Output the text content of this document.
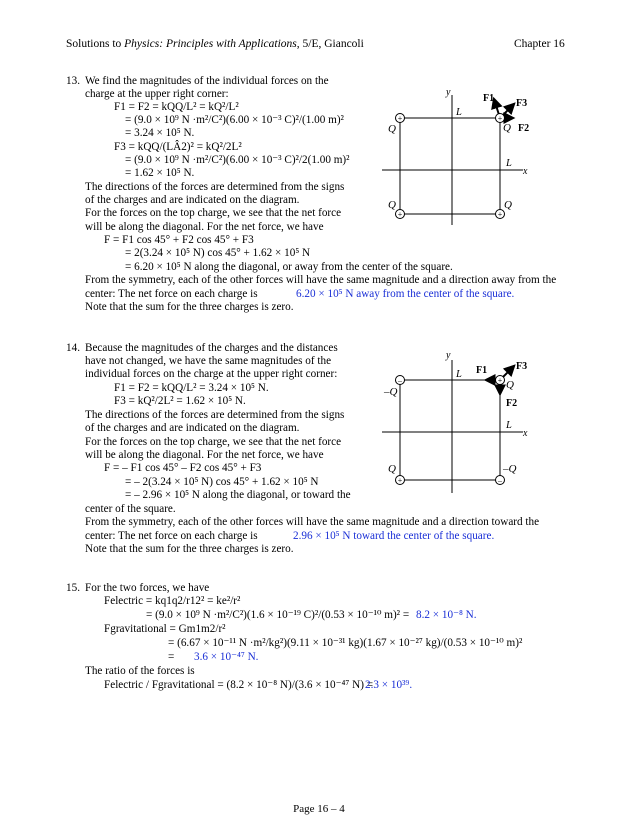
Solutions to Physics: Principles with Applications, 5/E, Giancoli	Chapter 16
13. We find the magnitudes of the individual forces on the
charge at the upper right corner:
F1 = F2 = kQQ/L² = kQ²/L²
= (9.0 × 10⁹ N ·m²/C²)(6.00 × 10⁻³ C)²/(1.00 m)²
= 3.24 × 10⁵ N.
F3 = kQQ/(LÂ2)² = kQ²/2L²
= (9.0 × 10⁹ N ·m²/C²)(6.00 × 10⁻³ C)²/2(1.00 m)²
= 1.62 × 10⁵ N.
The directions of the forces are determined from the signs
of the charges and are indicated on the diagram.
For the forces on the top charge, we see that the net force
will be along the diagonal. For the net force, we have
F = F1 cos 45° + F2 cos 45° + F3
= 2(3.24 × 10⁵ N) cos 45° + 1.62 × 10⁵ N
= 6.20 × 10⁵ N along the diagonal, or away from the center of the square.
From the symmetry, each of the other forces will have the same magnitude and a direction away from the
center: The net force on each charge is	6.20 × 10⁵ N away from the center of the square.
Note that the sum for the three charges is zero.
y
x
L
L
F1
F2
F3
Q	Q
Q	Q
+	+
+	+
14. Because the magnitudes of the charges and the distances
have not changed, we have the same magnitudes of the
individual forces on the charge at the upper right corner:
F1 = F2 = kQQ/L² = 3.24 × 10⁵ N.
F3 = kQ²/2L² = 1.62 × 10⁵ N.
The directions of the forces are determined from the signs
of the charges and are indicated on the diagram.
For the forces on the top charge, we see that the net force
will be along the diagonal. For the net force, we have
F = – F1 cos 45° – F2 cos 45° + F3
= – 2(3.24 × 10⁵ N) cos 45° + 1.62 × 10⁵ N
= – 2.96 × 10⁵ N along the diagonal, or toward the
center of the square.
From the symmetry, each of the other forces will have the same magnitude and a direction toward the
center: The net force on each charge is	2.96 × 10⁵ N toward the center of the square.
Note that the sum for the three charges is zero.
y
x
L
L
F1
F2
F3
–Q
Q
Q	–Q
–	+
+	–
15. For the two forces, we have
Felectric = kq1q2/r12² = ke²/r²
= (9.0 × 10⁹ N ·m²/C²)(1.6 × 10⁻¹⁹ C)²/(0.53 × 10⁻¹⁰ m)² = 8.2 × 10⁻⁸ N.
Fgravitational = Gm1m2/r²
= (6.67 × 10⁻¹¹ N ·m²/kg²)(9.11 × 10⁻³¹ kg)(1.67 × 10⁻²⁷ kg)/(0.53 × 10⁻¹⁰ m)²
= 3.6 × 10⁻⁴⁷ N.
The ratio of the forces is
Felectric / Fgravitational = (8.2 × 10⁻⁸ N)/(3.6 × 10⁻⁴⁷ N) =
2.3 × 10³⁹.
Page 16 – 4
